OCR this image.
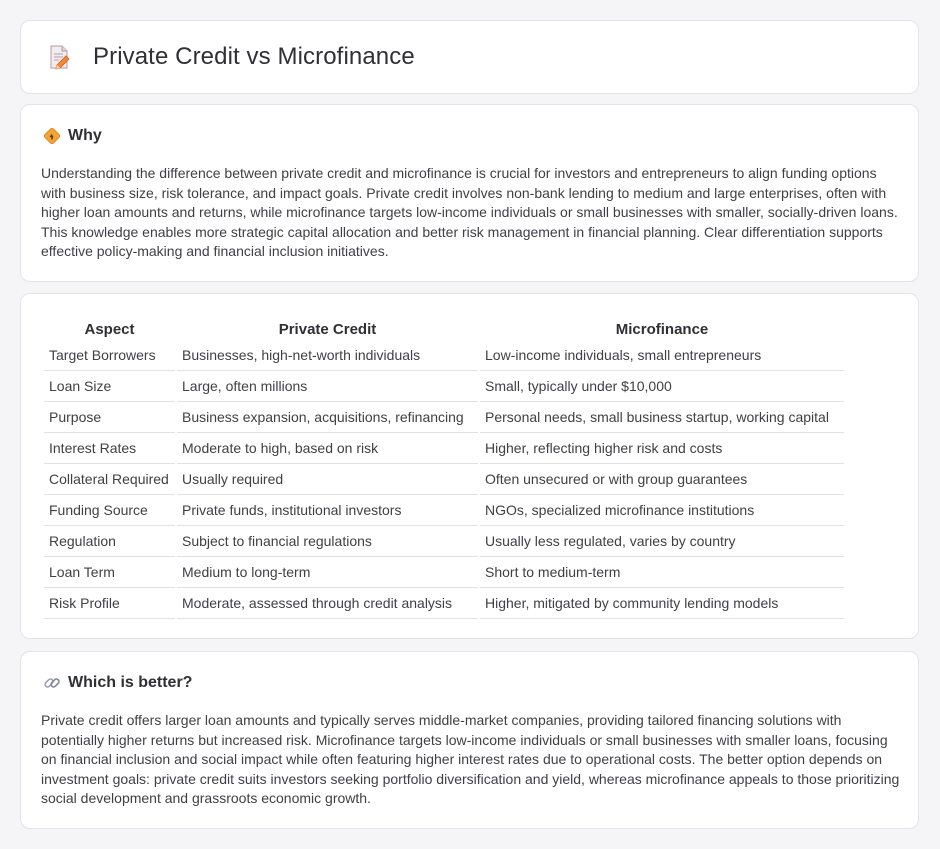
Private Credit vs Microfinance
Why

Understanding the difference between private credit and microfinance is crucial for investors and entrepreneurs to align funding options with business size, risk tolerance, and impact goals. Private credit involves non-bank lending to medium and large enterprises, often with higher loan amounts and returns, while microfinance targets low-income individuals or small businesses with smaller, socially-driven loans. This knowledge enables more strategic capital allocation and better risk management in financial planning. Clear differentiation supports effective policy-making and financial inclusion initiatives.

Aspect	Private Credit	Microfinance
Target Borrowers	Businesses, high-net-worth individuals	Low-income individuals, small entrepreneurs
Loan Size	Large, often millions	Small, typically under $10,000
Purpose	Business expansion, acquisitions, refinancing	Personal needs, small business startup, working capital
Interest Rates	Moderate to high, based on risk	Higher, reflecting higher risk and costs
Collateral Required	Usually required	Often unsecured or with group guarantees
Funding Source	Private funds, institutional investors	NGOs, specialized microfinance institutions
Regulation	Subject to financial regulations	Usually less regulated, varies by country
Loan Term	Medium to long-term	Short to medium-term
Risk Profile	Moderate, assessed through credit analysis	Higher, mitigated by community lending models
Which is better?

Private credit offers larger loan amounts and typically serves middle-market companies, providing tailored financing solutions with potentially higher returns but increased risk. Microfinance targets low-income individuals or small businesses with smaller loans, focusing on financial inclusion and social impact while often featuring higher interest rates due to operational costs. The better option depends on investment goals: private credit suits investors seeking portfolio diversification and yield, whereas microfinance appeals to those prioritizing social development and grassroots economic growth.
